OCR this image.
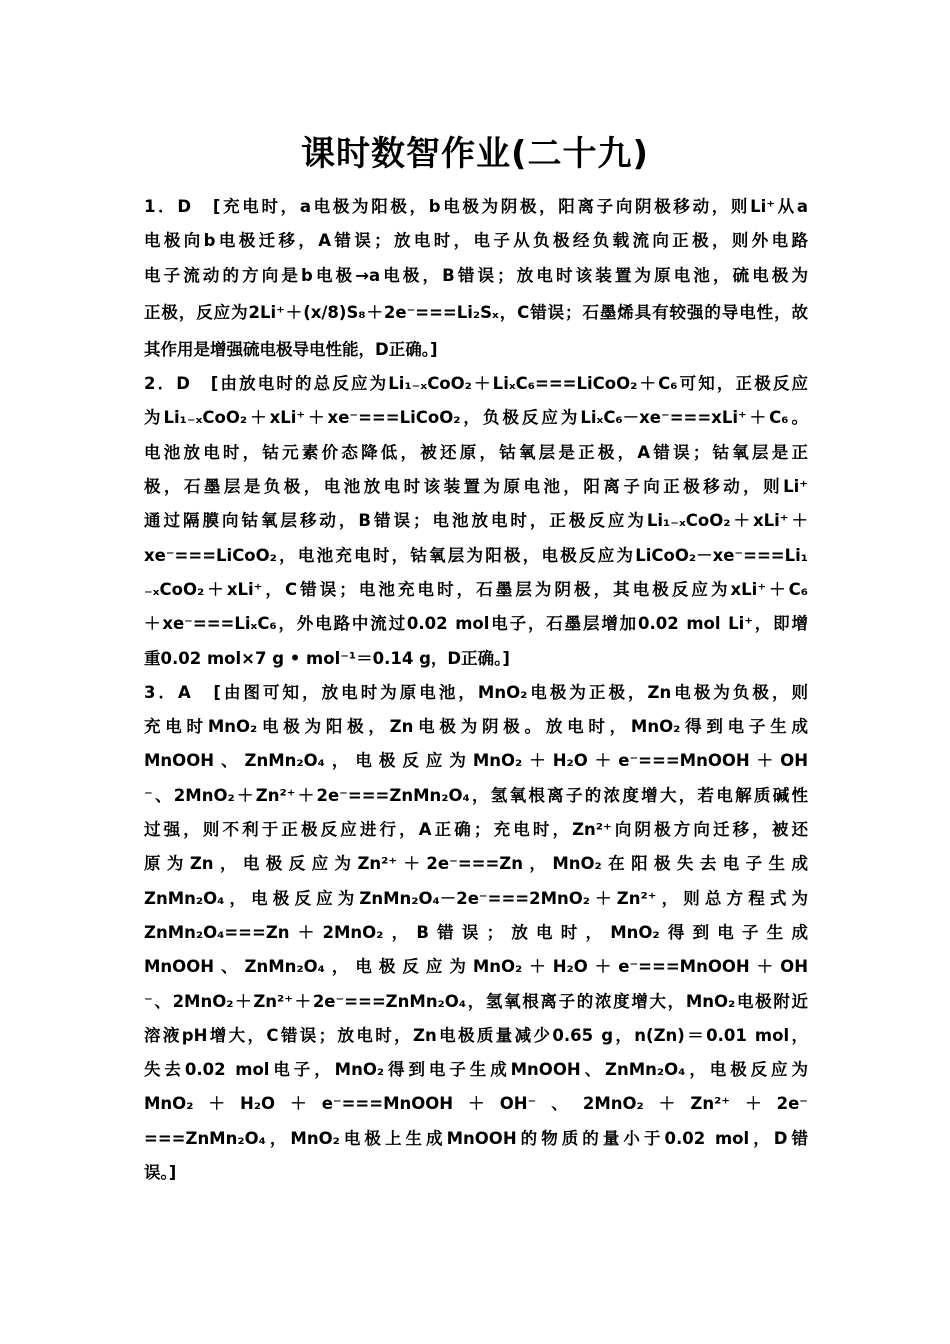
课时数智作业(二十九)
1．D　[充电时，a电极为阳极，b电极为阴极，阳离子向阴极移动，则Li⁺从a
电极向b电极迁移，A错误；放电时，电子从负极经负载流向正极，则外电路
电子流动的方向是b电极→a电极，B错误；放电时该装置为原电池，硫电极为
正极，反应为2Li⁺＋(x/8)S₈＋2e⁻===Li₂Sₓ，C错误；石墨烯具有较强的导电性，故
其作用是增强硫电极导电性能，D正确。]
2．D　[由放电时的总反应为Li₁₋ₓCoO₂＋LiₓC₆===LiCoO₂＋C₆可知，正极反应
为Li₁₋ₓCoO₂＋xLi⁺＋xe⁻===LiCoO₂，负极反应为LiₓC₆－xe⁻===xLi⁺＋C₆。
电池放电时，钴元素价态降低，被还原，钴氧层是正极，A错误；钴氧层是正
极，石墨层是负极，电池放电时该装置为原电池，阳离子向正极移动，则Li⁺
通过隔膜向钴氧层移动，B错误；电池放电时，正极反应为Li₁₋ₓCoO₂＋xLi⁺＋
xe⁻===LiCoO₂，电池充电时，钴氧层为阳极，电极反应为LiCoO₂－xe⁻===Li₁
₋ₓCoO₂＋xLi⁺，C错误；电池充电时，石墨层为阴极，其电极反应为xLi⁺＋C₆
＋xe⁻===LiₓC₆，外电路中流过0.02 mol电子，石墨层增加0.02 mol Li⁺，即增
重0.02 mol×7 g • mol⁻¹＝0.14 g，D正确。]
3．A　[由图可知，放电时为原电池，MnO₂电极为正极，Zn电极为负极，则
充电时MnO₂电极为阳极，Zn电极为阴极。放电时，MnO₂得到电子生成
MnOOH、ZnMn₂O₄，电极反应为MnO₂＋H₂O＋e⁻===MnOOH＋OH
⁻、2MnO₂＋Zn²⁺＋2e⁻===ZnMn₂O₄，氢氧根离子的浓度增大，若电解质碱性
过强，则不利于正极反应进行，A正确；充电时，Zn²⁺向阴极方向迁移，被还
原为Zn，电极反应为Zn²⁺＋2e⁻===Zn，MnO₂在阳极失去电子生成
ZnMn₂O₄，电极反应为ZnMn₂O₄－2e⁻===2MnO₂＋Zn²⁺，则总方程式为
ZnMn₂O₄===Zn＋2MnO₂，B错误；放电时，MnO₂得到电子生成
MnOOH、ZnMn₂O₄，电极反应为MnO₂＋H₂O＋e⁻===MnOOH＋OH
⁻、2MnO₂＋Zn²⁺＋2e⁻===ZnMn₂O₄，氢氧根离子的浓度增大，MnO₂电极附近
溶液pH增大，C错误；放电时，Zn电极质量减少0.65 g，n(Zn)＝0.01 mol，
失去0.02 mol电子，MnO₂得到电子生成MnOOH、ZnMn₂O₄，电极反应为
MnO₂＋H₂O＋e⁻===MnOOH＋OH⁻、2MnO₂＋Zn²⁺＋2e⁻
===ZnMn₂O₄，MnO₂电极上生成MnOOH的物质的量小于0.02 mol，D错
误。]
